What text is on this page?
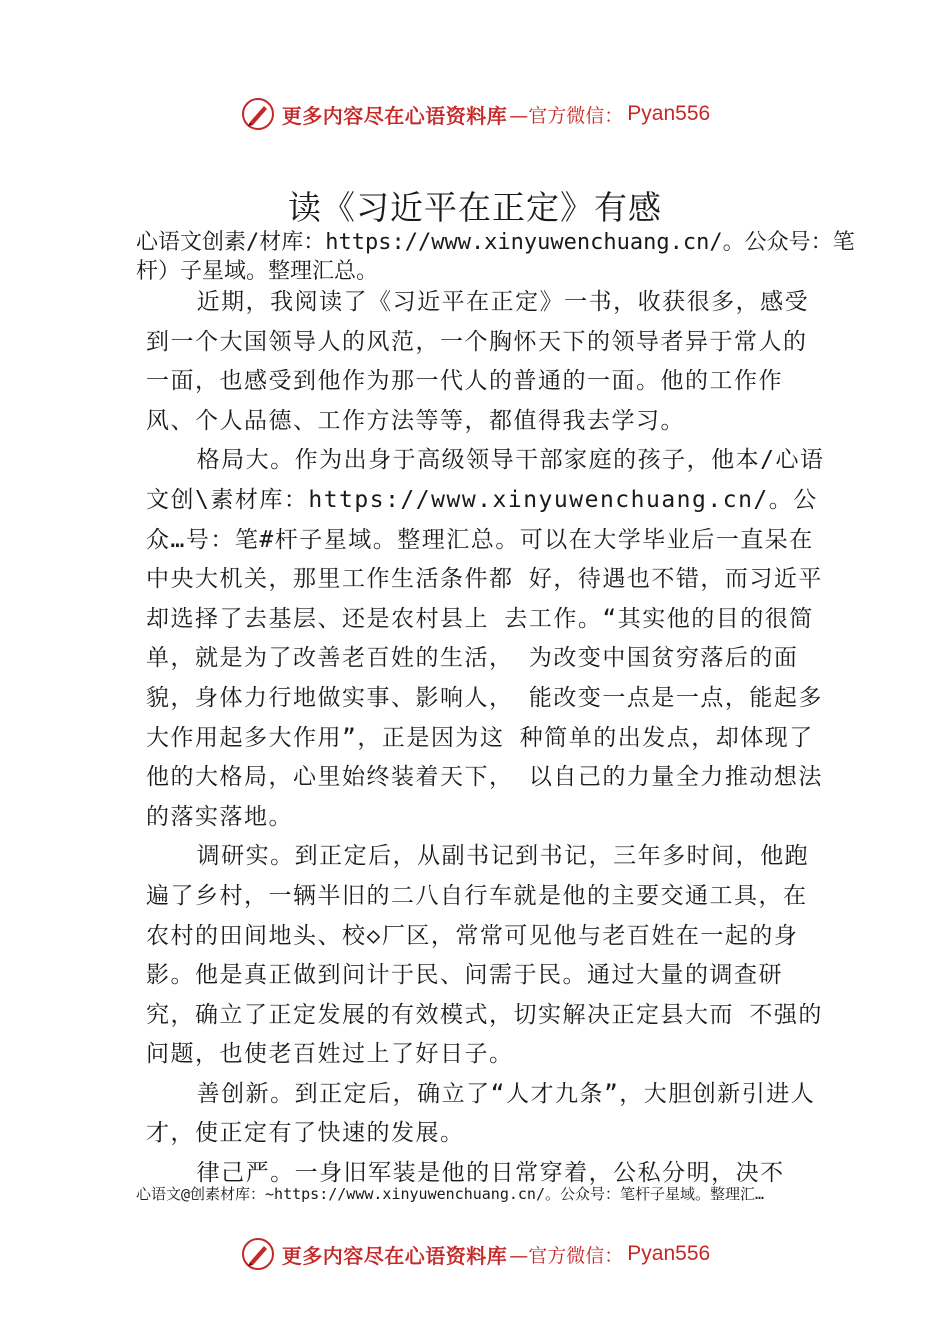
更多内容尽在心语资料库 —官方微信： Pyan556
读《习近平在正定》有感
心语文创素/材库：https://www.xinyuwenchuang.cn/。公众号：笔杆）子星域。整理汇总。

近期，我阅读了《习近平在正定》一书，收获很多，感受到一个大国领导人的风范，一个胸怀天下的领导者异于常人的一面，也感受到他作为那一代人的普通的一面。他的工作作风、个人品德、工作方法等等，都值得我去学习。

格局大。作为出身于高级领导干部家庭的孩子，他本/心语文创\素材库：https://www.xinyuwenchuang.cn/。公众…号：笔#杆子星域。整理汇总。可以在大学毕业后一直呆在中央大机关，那里工作生活条件都 好，待遇也不错，而习近平却选择了去基层、还是农村县上 去工作。“其实他的目的很简单，就是为了改善老百姓的生活， 为改变中国贫穷落后的面貌，身体力行地做实事、影响人， 能改变一点是一点，能起多大作用起多大作用”，正是因为这 种简单的出发点，却体现了他的大格局，心里始终装着天下， 以自己的力量全力推动想法的落实落地。

调研实。到正定后，从副书记到书记，三年多时间，他跑遍了乡村，一辆半旧的二八自行车就是他的主要交通工具，在农村的田间地头、校◇厂区，常常可见他与老百姓在一起的身影。他是真正做到问计于民、问需于民。通过大量的调查研究，确立了正定发展的有效模式，切实解决正定县大而 不强的问题，也使老百姓过上了好日子。

善创新。到正定后，确立了“人才九条”，大胆创新引进人才，使正定有了快速的发展。

律己严。一身旧军装是他的日常穿着，公私分明，决不

心语文@创素材库：~https://www.xinyuwenchuang.cn/。公众号：笔杆子星域。整理汇…
更多内容尽在心语资料库 —官方微信： Pyan556
